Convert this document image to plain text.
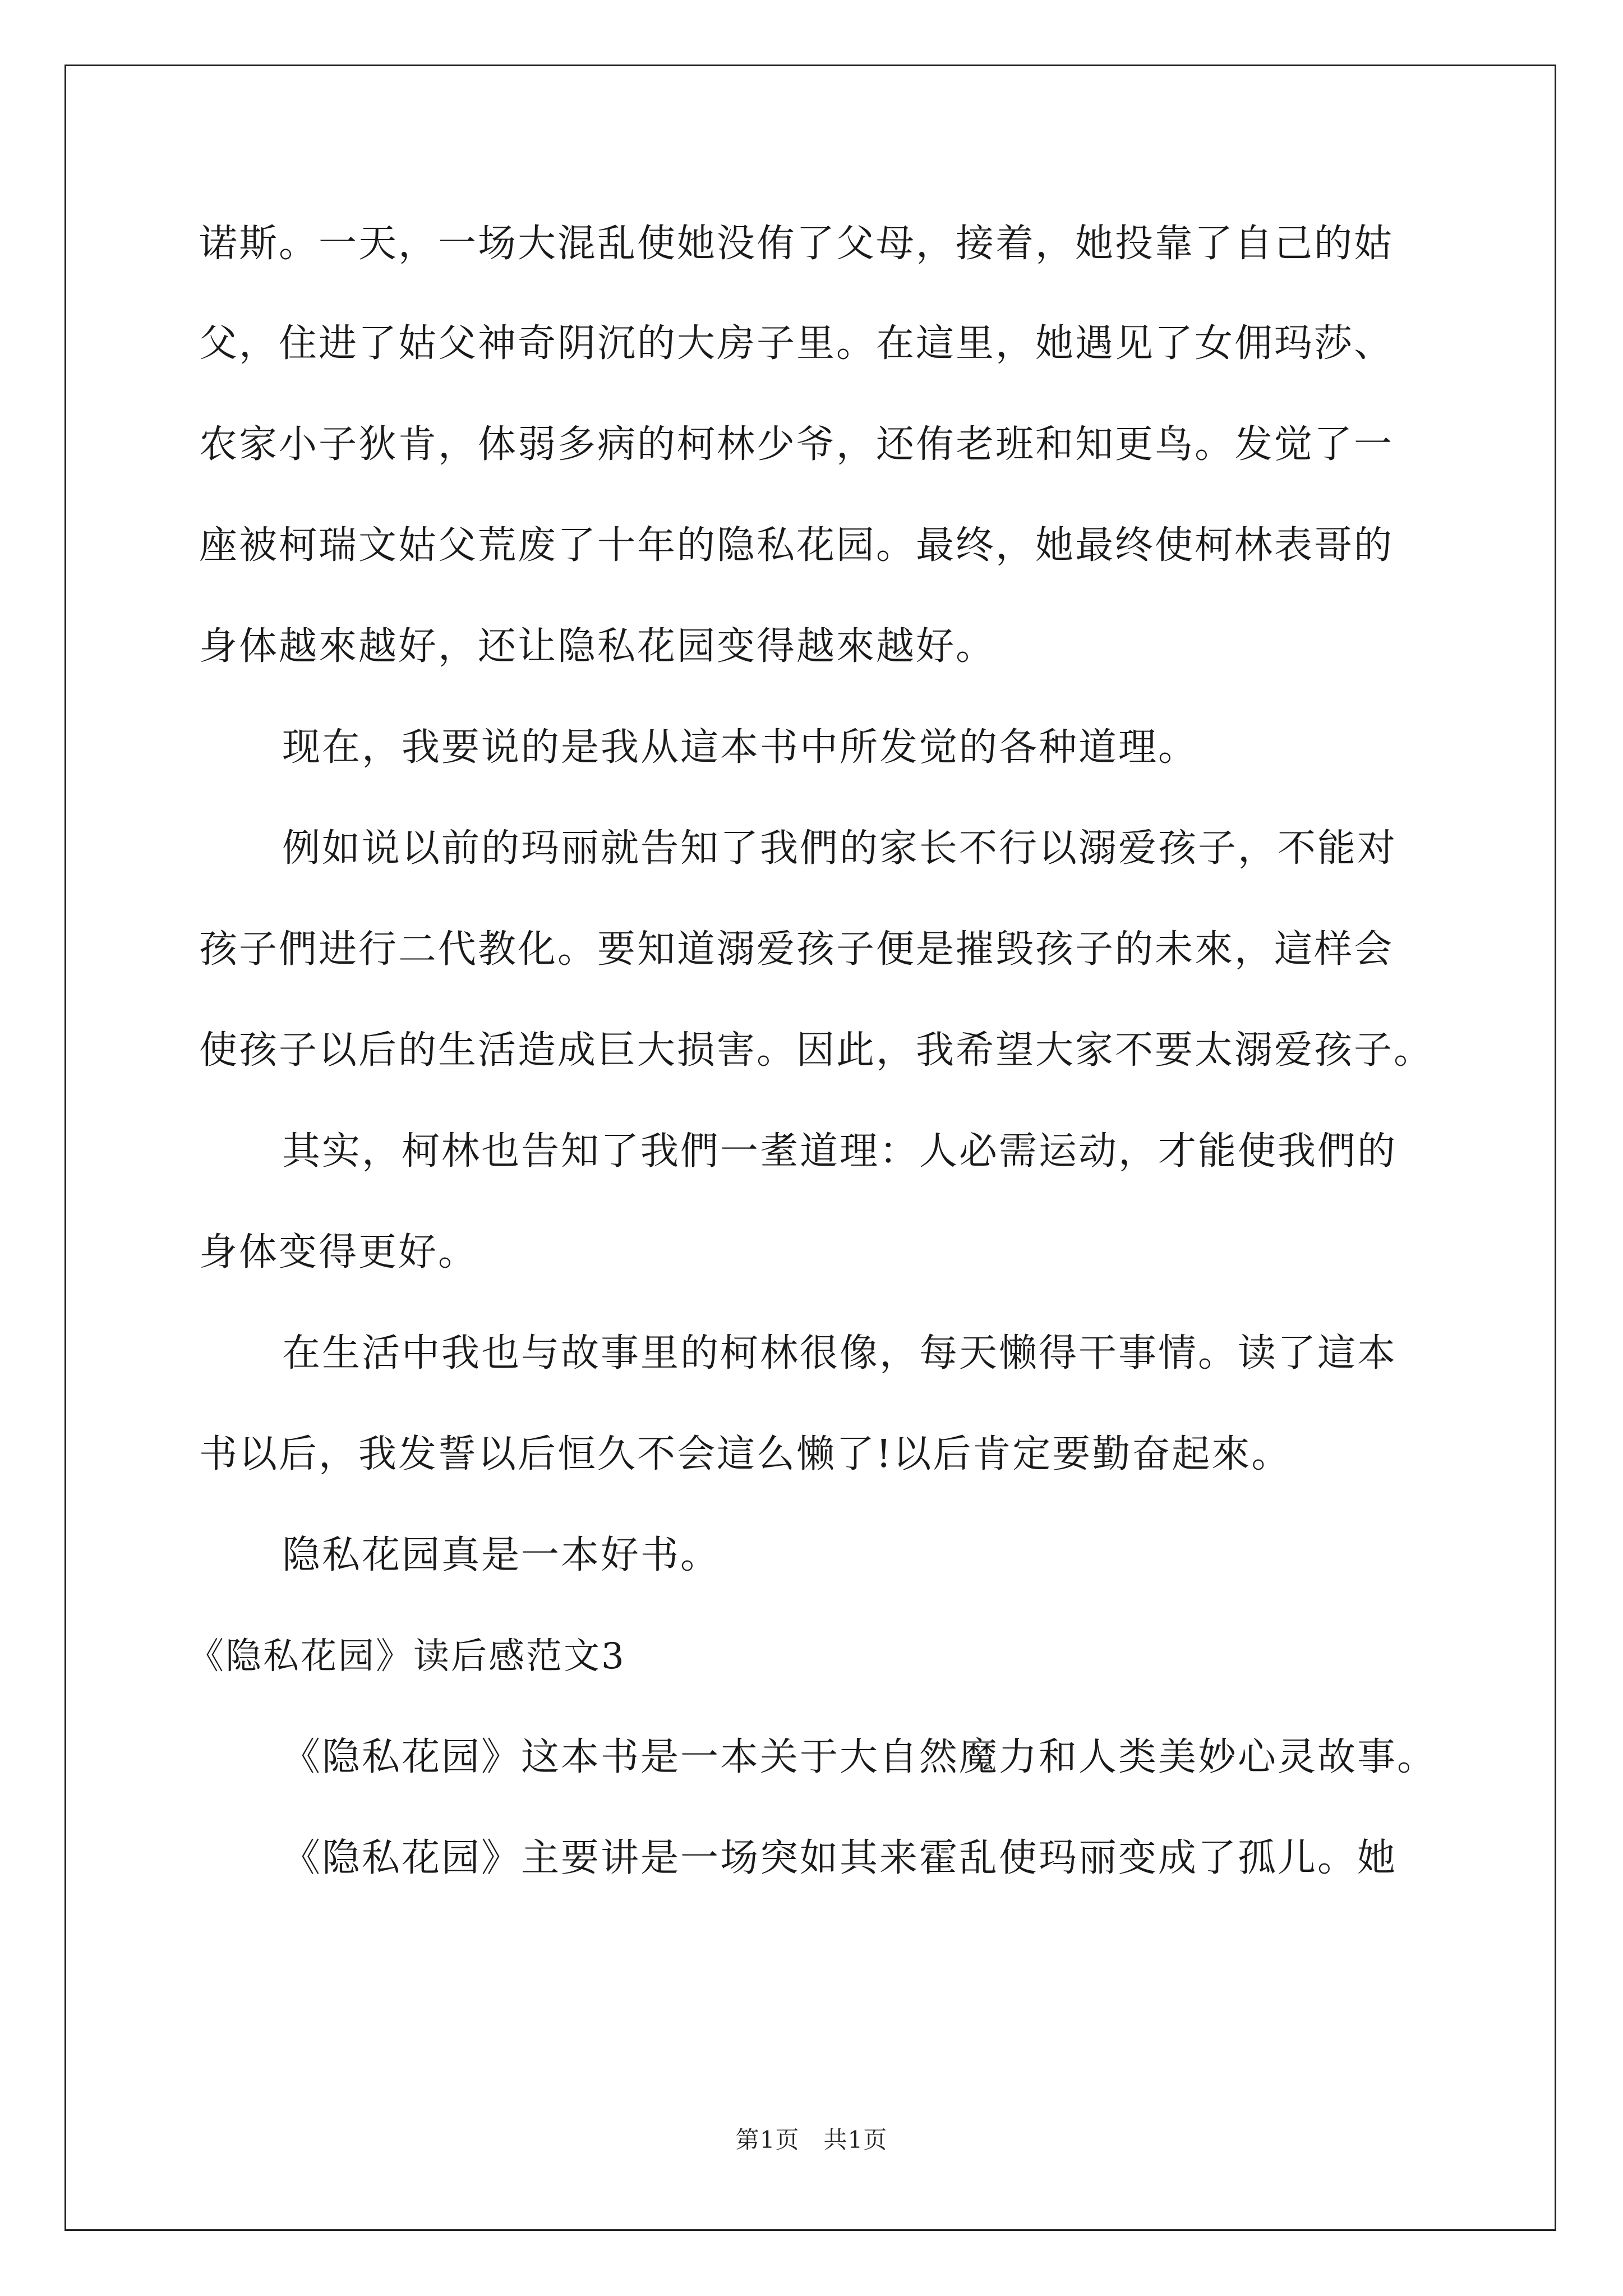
诺斯。一天，一场大混乱使她没侑了父母，接着，她投靠了自己的姑
父，住进了姑父神奇阴沉的大房子里。在這里，她遇见了女佣玛莎、
农家小子狄肯，体弱多病的柯林少爷，还侑老班和知更鸟。发觉了一
座被柯瑞文姑父荒废了十年的隐私花园。最终，她最终使柯林表哥的
身体越來越好，还让隐私花园变得越來越好。
现在，我要说的是我从這本书中所发觉的各种道理。
例如说以前的玛丽就告知了我們的家长不行以溺爱孩子，不能对
孩子們进行二代教化。要知道溺爱孩子便是摧毁孩子的未來，這样会
使孩子以后的生活造成巨大损害。因此，我希望大家不要太溺爱孩子。
其实，柯林也告知了我們一耊道理：人必需运动，才能使我們的
身体变得更好。
在生活中我也与故事里的柯林很像，每天懒得干事情。读了這本
书以后，我发誓以后恒久不会這么懒了!以后肯定要勤奋起來。
隐私花园真是一本好书。
《隐私花园》读后感范文3
《隐私花园》这本书是一本关于大自然魔力和人类美妙心灵故事。
《隐私花园》主要讲是一场突如其来霍乱使玛丽变成了孤儿。她
第1页　共1页
